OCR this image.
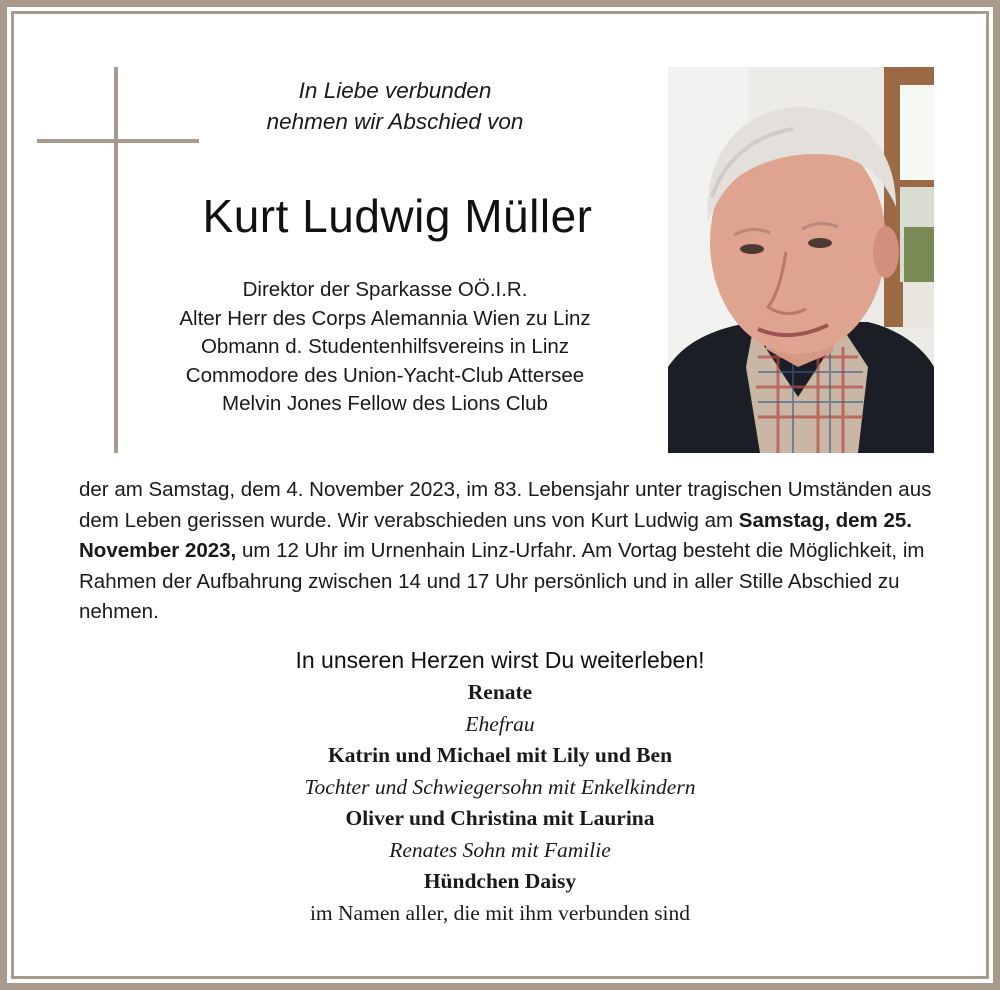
In Liebe verbunden
nehmen wir Abschied von
Kurt Ludwig Müller
Direktor der Sparkasse OÖ.I.R.
Alter Herr des Corps Alemannia Wien zu Linz
Obmann d. Studentenhilfsvereins in Linz
Commodore des Union-Yacht-Club Attersee
Melvin Jones Fellow des Lions Club
der am Samstag, dem 4. November 2023, im 83. Lebensjahr unter tragischen Umständen aus dem Leben gerissen wurde. Wir verabschieden uns von Kurt Ludwig am Samstag, dem 25. November 2023, um 12 Uhr im Urnenhain Linz-Urfahr. Am Vortag besteht die Möglichkeit, im Rahmen der Aufbahrung zwischen 14 und 17 Uhr persönlich und in aller Stille Abschied zu nehmen.
In unseren Herzen wirst Du weiterleben!
Renate
Ehefrau
Katrin und Michael mit Lily und Ben
Tochter und Schwiegersohn mit Enkelkindern
Oliver und Christina mit Laurina
Renates Sohn mit Familie
Hündchen Daisy
im Namen aller, die mit ihm verbunden sind
